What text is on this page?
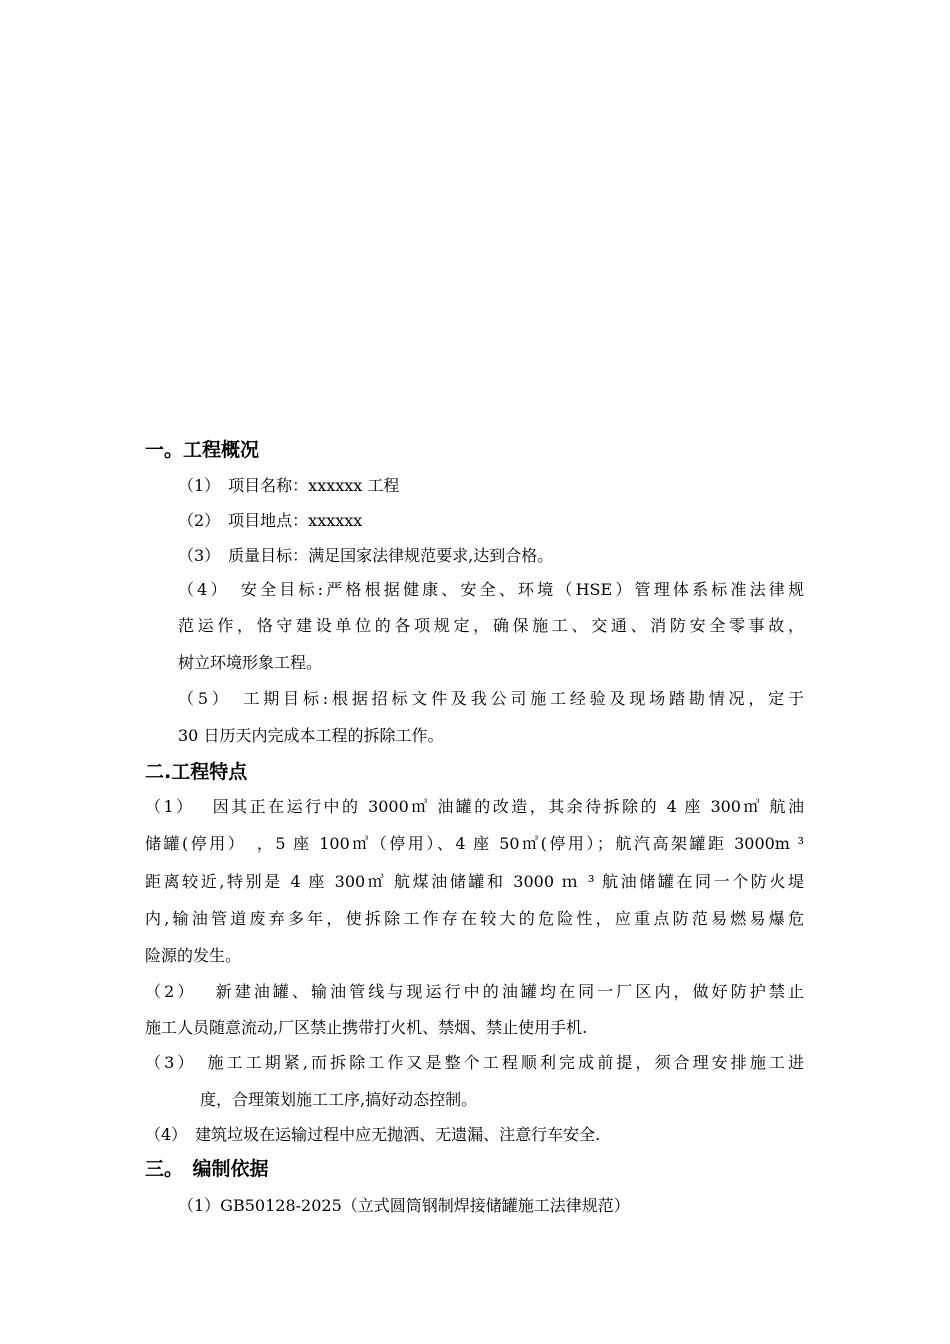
一。工程概况
（1）　项目名称：xxxxxx 工程
（2）　项目地点：xxxxxx
（3）　质量目标：满足国家法律规范要求,达到合格。
（4）　安全目标:严格根据健康、安全、环境（HSE）管理体系标准法律规
范运作，恪守建设单位的各项规定，确保施工、交通、消防安全零事故，
树立环境形象工程。
（5）　工期目标:根据招标文件及我公司施工经验及现场踏勘情况，定于
30 日历天内完成本工程的拆除工作。
二.工程特点
（1）　 因其正在运行中的 3000㎥ 油罐的改造，其余待拆除的 4 座 300㎥ 航油
储罐(停用）　，5 座 100㎥（停用）、4 座 50㎥(停用）；航汽高架罐距 3000m ³
距离较近,特别是 4 座 300㎥ 航煤油储罐和 3000 ｍ ³ 航油储罐在同一个防火堤
内,输油管道废弃多年，使拆除工作存在较大的危险性，应重点防范易燃易爆危
险源的发生。
（2）　 新建油罐、输油管线与现运行中的油罐均在同一厂区内，做好防护禁止
施工人员随意流动,厂区禁止携带打火机、禁烟、禁止使用手机.
（3）　施工工期紧,而拆除工作又是整个工程顺利完成前提，须合理安排施工进
度，合理策划施工工序,搞好动态控制。
（4）　建筑垃圾在运输过程中应无抛洒、无遗漏、注意行车安全.
三。　编制依据
（1）GB50128-2025（立式圆筒钢制焊接储罐施工法律规范）
